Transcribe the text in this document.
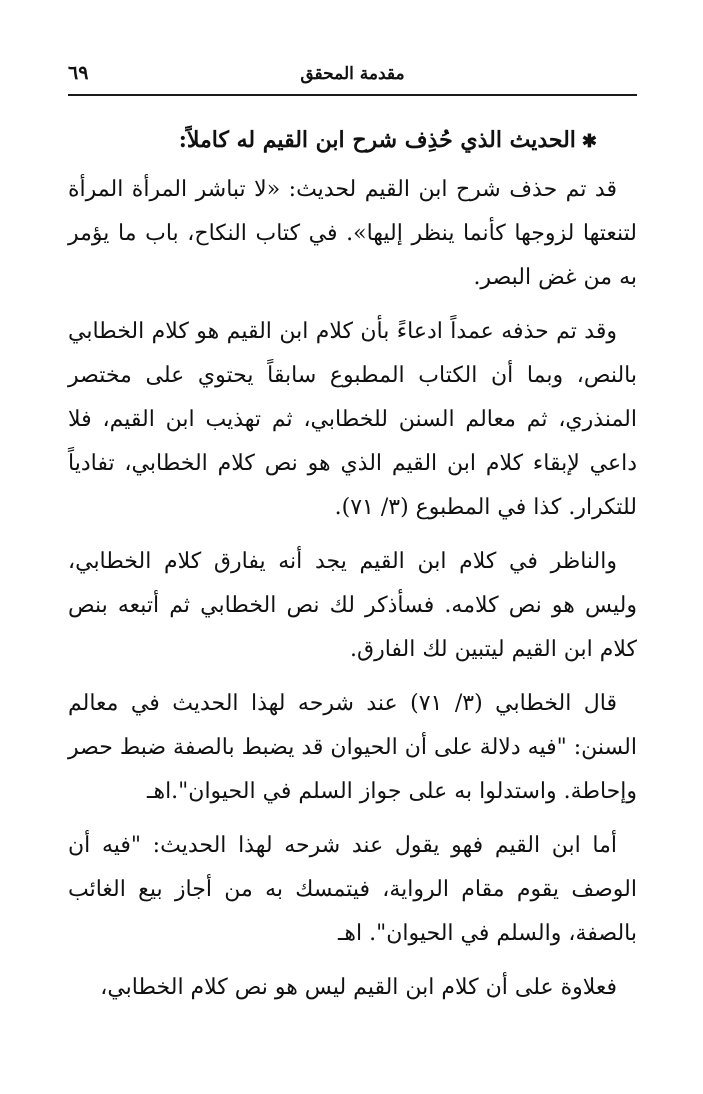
مقدمة المحقق
٦٩

✱الحديث الذي حُذِف شرح ابن القيم له كاملاً:

قد تم حذف شرح ابن القيم لحديث: «لا تباشر المرأة المرأة لتنعتها لزوجها كأنما ينظر إليها». في كتاب النكاح، باب ما يؤمر به من غض البصر.

وقد تم حذفه عمداً ادعاءً بأن كلام ابن القيم هو كلام الخطابي بالنص، وبما أن الكتاب المطبوع سابقاً يحتوي على مختصر المنذري، ثم معالم السنن للخطابي، ثم تهذيب ابن القيم، فلا داعي لإبقاء كلام ابن القيم الذي هو نص كلام الخطابي، تفادياً للتكرار. كذا في المطبوع (٣/ ٧١).

والناظر في كلام ابن القيم يجد أنه يفارق كلام الخطابي، وليس هو نص كلامه. فسأذكر لك نص الخطابي ثم أتبعه بنص كلام ابن القيم ليتبين لك الفارق.

قال الخطابي (٣/ ٧١) عند شرحه لهذا الحديث في معالم السنن: "فيه دلالة على أن الحيوان قد يضبط بالصفة ضبط حصر وإحاطة. واستدلوا به على جواز السلم في الحيوان".اهـ

أما ابن القيم فهو يقول عند شرحه لهذا الحديث: "فيه أن الوصف يقوم مقام الرواية، فيتمسك به من أجاز بيع الغائب بالصفة، والسلم في الحيوان". اهـ

فعلاوة على أن كلام ابن القيم ليس هو نص كلام الخطابي،
